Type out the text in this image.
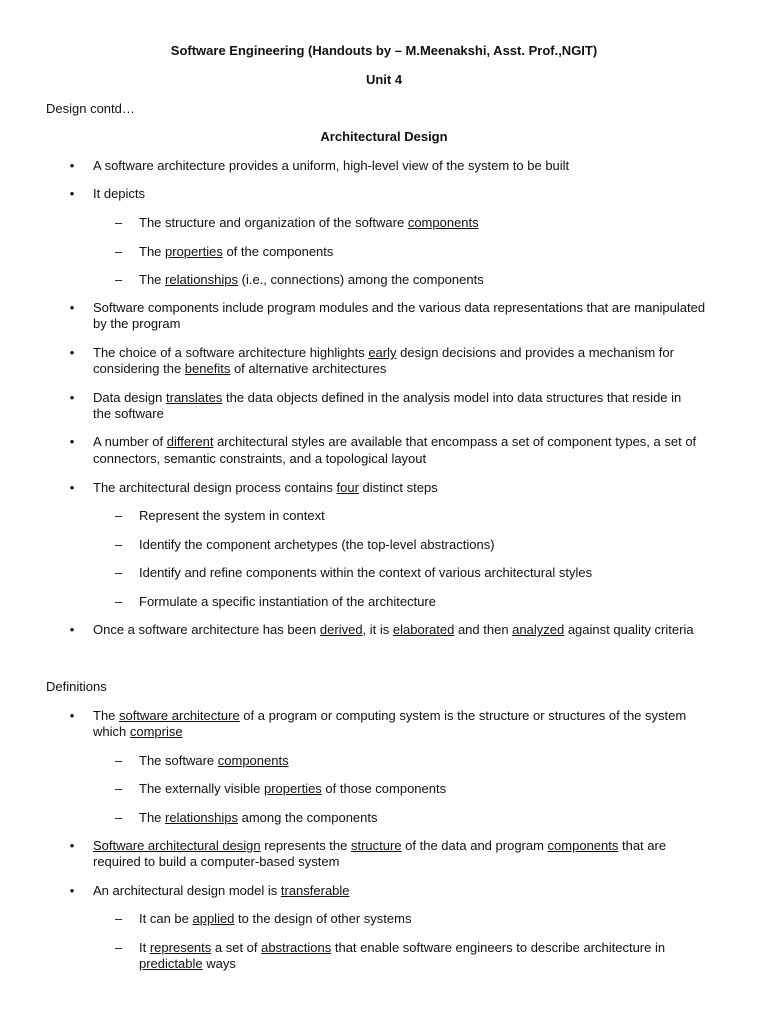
Software Engineering (Handouts by – M.Meenakshi, Asst. Prof.,NGIT)
Unit 4
Design contd…
Architectural Design
• A software architecture provides a uniform, high-level view of the system to be built
• It depicts
– The structure and organization of the software components
– The properties of the components
– The relationships (i.e., connections) among the components
• Software components include program modules and the various data representations that are manipulated
by the program
• The choice of a software architecture highlights early design decisions and provides a mechanism for
considering the benefits of alternative architectures
• Data design translates the data objects defined in the analysis model into data structures that reside in
the software
• A number of different architectural styles are available that encompass a set of component types, a set of
connectors, semantic constraints, and a topological layout
• The architectural design process contains four distinct steps
– Represent the system in context
– Identify the component archetypes (the top-level abstractions)
– Identify and refine components within the context of various architectural styles
– Formulate a specific instantiation of the architecture
• Once a software architecture has been derived, it is elaborated and then analyzed against quality criteria
Definitions
• The software architecture of a program or computing system is the structure or structures of the system
which comprise
– The software components
– The externally visible properties of those components
– The relationships among the components
• Software architectural design represents the structure of the data and program components that are
required to build a computer-based system
• An architectural design model is transferable
– It can be applied to the design of other systems
– It represents a set of abstractions that enable software engineers to describe architecture in
predictable ways
